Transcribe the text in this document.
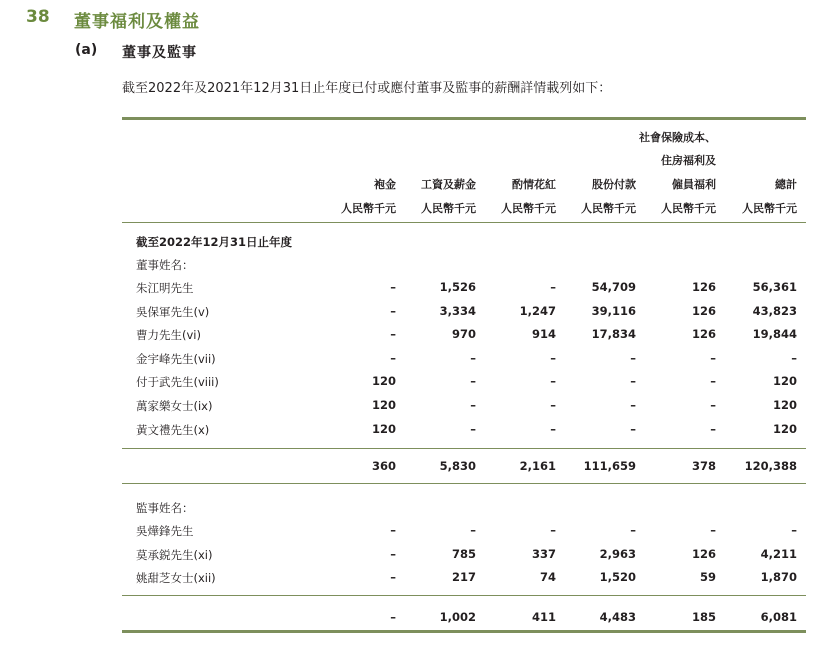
38 董事福利及權益
(a) 董事及監事
截至2022年及2021年12月31日止年度已付或應付董事及監事的薪酬詳情載列如下：
社會保險成本、
住房福利及
袍金 工資及薪金	酌情花紅	股份付款	僱員福利	總計
人民幣千元 人民幣千元 人民幣千元 人民幣千元 人民幣千元 人民幣千元
截至2022年12月31日止年度
董事姓名：
朱江明先生	–	1,526	–	54,709	126	56,361
吳保軍先生(v)	–	3,334	1,247	39,116	126	43,823
曹力先生(vi)	–	970	914	17,834	126	19,844
金宇峰先生(vii)	–	–	–	–	–	–
付于武先生(viii)	120	–	–	–	–	120
萬家樂女士(ix)	120	–	–	–	–	120
黃文禮先生(x)	120	–	–	–	–	120
360	5,830	2,161	111,659	378	120,388
監事姓名：
吳燁鋒先生	–	–	–	–	–	–
莫承鋭先生(xi)	–	785	337	2,963	126	4,211
姚甜芝女士(xii)	–	217	74	1,520	59	1,870
–	1,002	411	4,483	185	6,081
